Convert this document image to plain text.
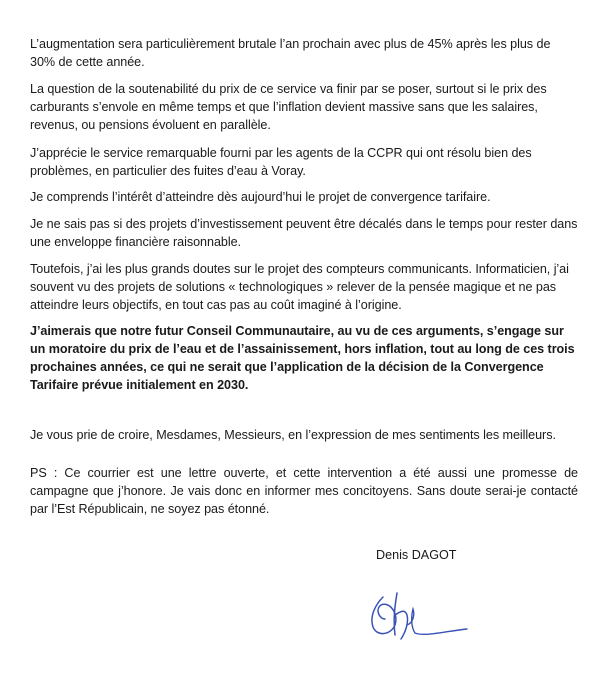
L’augmentation sera particulièrement brutale l’an prochain avec plus de 45% après les plus de 30% de cette année.

La question de la soutenabilité du prix de ce service va finir par se poser, surtout si le prix des carburants s’envole en même temps et que l’inflation devient massive sans que les salaires, revenus, ou pensions évoluent en parallèle.

J’apprécie le service remarquable fourni par les agents de la CCPR qui ont résolu bien des problèmes, en particulier des fuites d’eau à Voray.

Je comprends l’intérêt d’atteindre dès aujourd’hui le projet de convergence tarifaire.

Je ne sais pas si des projets d’investissement peuvent être décalés dans le temps pour rester dans une enveloppe financière raisonnable.

Toutefois, j’ai les plus grands doutes sur le projet des compteurs communicants. Informaticien, j’ai souvent vu des projets de solutions « technologiques » relever de la pensée magique et ne pas atteindre leurs objectifs, en tout cas pas au coût imaginé à l’origine.

J’aimerais que notre futur Conseil Communautaire, au vu de ces arguments, s’engage sur un moratoire du prix de l’eau et de l’assainissement, hors inflation, tout au long de ces trois prochaines années, ce qui ne serait que l’application de la décision de la Convergence Tarifaire prévue initialement en 2030.

Je vous prie de croire, Mesdames, Messieurs, en l’expression de mes sentiments les meilleurs.

PS : Ce courrier est une lettre ouverte, et cette intervention a été aussi une promesse de campagne que j’honore. Je vais donc en informer mes concitoyens. Sans doute serai-je contacté par l’Est Républicain, ne soyez pas étonné.

Denis DAGOT
